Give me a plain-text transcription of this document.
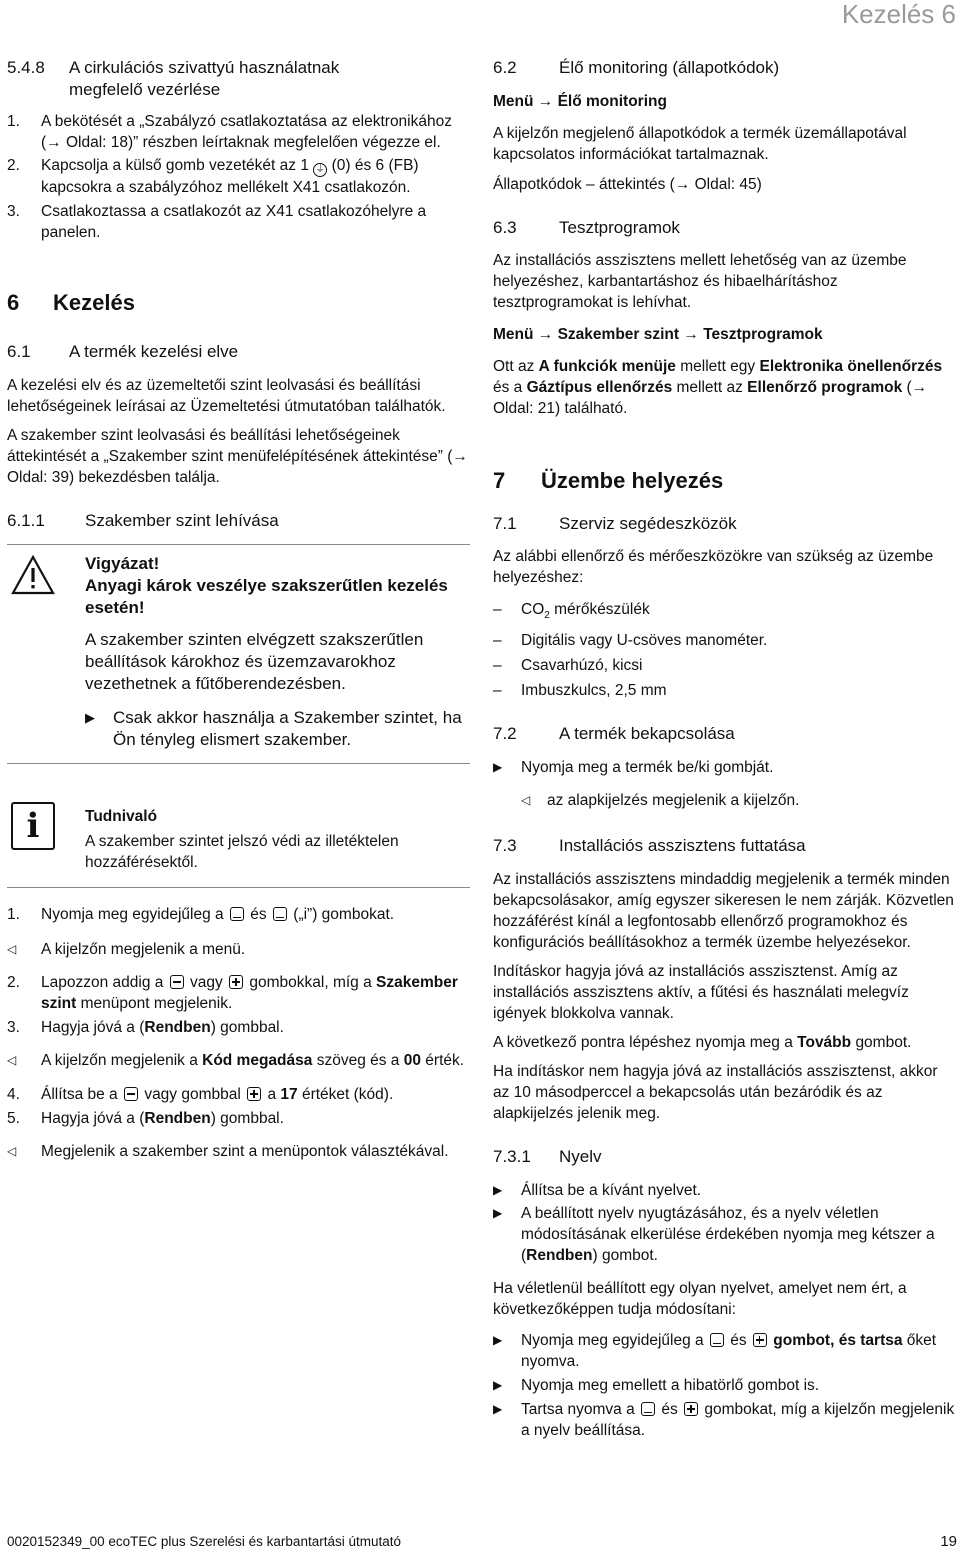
Kezelés 6
5.4.8	A cirkulációs szivattyú használatnak megfelelő vezérlése
1.	A bekötését a „Szabályzó csatlakoztatása az elektronikához (→ Oldal: 18)” részben leírtaknak megfelelően végezze el.
2.	Kapcsolja a külső gomb vezetékét az 1 ⏚ (0) és 6 (FB) kapcsokra a szabályzóhoz mellékelt X41 csatlakozón.
3.	Csatlakoztassa a csatlakozót az X41 csatlakozóhelyre a panelen.
6	Kezelés
6.1	A termék kezelési elve

A kezelési elv és az üzemeltetői szint leolvasási és beállítási lehetőségeinek leírásai az Üzemeltetési útmutatóban találhatók.

A szakember szint leolvasási és beállítási lehetőségeinek áttekintését a „Szakember szint menüfelépítésének áttekintése” (→ Oldal: 39) bekezdésben találja.

6.1.1	Szakember szint lehívása
Vigyázat!
Anyagi károk veszélye szakszerűtlen kezelés esetén!
A szakember szinten elvégzett szakszerűtlen beállítások károkhoz és üzemzavarokhoz vezethetnek a fűtőberendezésben.
▶	Csak akkor használja a Szakember szintet, ha Ön tényleg elismert szakember.
i	Tudnivaló
A szakember szintet jelszó védi az illetéktelen hozzáférésektől.
1.	Nyomja meg egyidejűleg a és („i”) gombokat.
◁	A kijelzőn megjelenik a menü.
2.	Lapozzon addig a vagy gombokkal, míg a Szakember szint menüpont megjelenik.
3.	Hagyja jóvá a (Rendben) gombbal.
◁	A kijelzőn megjelenik a Kód megadása szöveg és a 00 érték.
4.	Állítsa be a vagy gombbal a 17 értéket (kód).
5.	Hagyja jóvá a (Rendben) gombbal.
◁	Megjelenik a szakember szint a menüpontok választékával.
6.2	Élő monitoring (állapotkódok)
Menü → Élő monitoring

A kijelzőn megjelenő állapotkódok a termék üzemállapotával kapcsolatos információkat tartalmaznak.

Állapotkódok – áttekintés (→ Oldal: 45)

6.3	Tesztprogramok

Az installációs asszisztens mellett lehetőség van az üzembe helyezéshez, karbantartáshoz és hibaelhárításhoz tesztprogramokat is lehívhat.

Menü → Szakember szint → Tesztprogramok

Ott az A funkciók menüje mellett egy Elektronika önellenőrzés és a Gáztípus ellenőrzés mellett az Ellenőrző programok (→ Oldal: 21) található.

7	Üzembe helyezés
7.1	Szerviz segédeszközök

Az alábbi ellenőrző és mérőeszközökre van szükség az üzembe helyezéshez:

–	$CO_2$ mérőkészülék
–	Digitális vagy U-csöves manométer.
–	Csavarhúzó, kicsi
–	Imbuszkulcs, 2,5 mm
7.2	A termék bekapcsolása
▶	Nyomja meg a termék be/ki gombját.
◁	az alapkijelzés megjelenik a kijelzőn.
7.3	Installációs asszisztens futtatása

Az installációs asszisztens mindaddig megjelenik a termék minden bekapcsolásakor, amíg egyszer sikeresen le nem zárják. Közvetlen hozzáférést kínál a legfontosabb ellenőrző programokhoz és konfigurációs beállításokhoz a termék üzembe helyezésekor.

Indításkor hagyja jóvá az installációs asszisztenst. Amíg az installációs asszisztens aktív, a fűtési és használati melegvíz igények blokkolva vannak.

A következő pontra lépéshez nyomja meg a Tovább gombot.

Ha indításkor nem hagyja jóvá az installációs asszisztenst, akkor az 10 másodperccel a bekapcsolás után bezáródik és az alapkijelzés jelenik meg.

7.3.1	Nyelv
▶	Állítsa be a kívánt nyelvet.
▶	A beállított nyelv nyugtázásához, és a nyelv véletlen módosításának elkerülése érdekében nyomja meg kétszer a (Rendben) gombot.

Ha véletlenül beállított egy olyan nyelvet, amelyet nem ért, a következőképpen tudja módosítani:

▶	Nyomja meg egyidejűleg a és gombot, és tartsa őket nyomva.
▶	Nyomja meg emellett a hibatörlő gombot is.
▶	Tartsa nyomva a és gombokat, míg a kijelzőn megjelenik a nyelv beállítása.
0020152349_00 ecoTEC plus Szerelési és karbantartási útmutató	19
